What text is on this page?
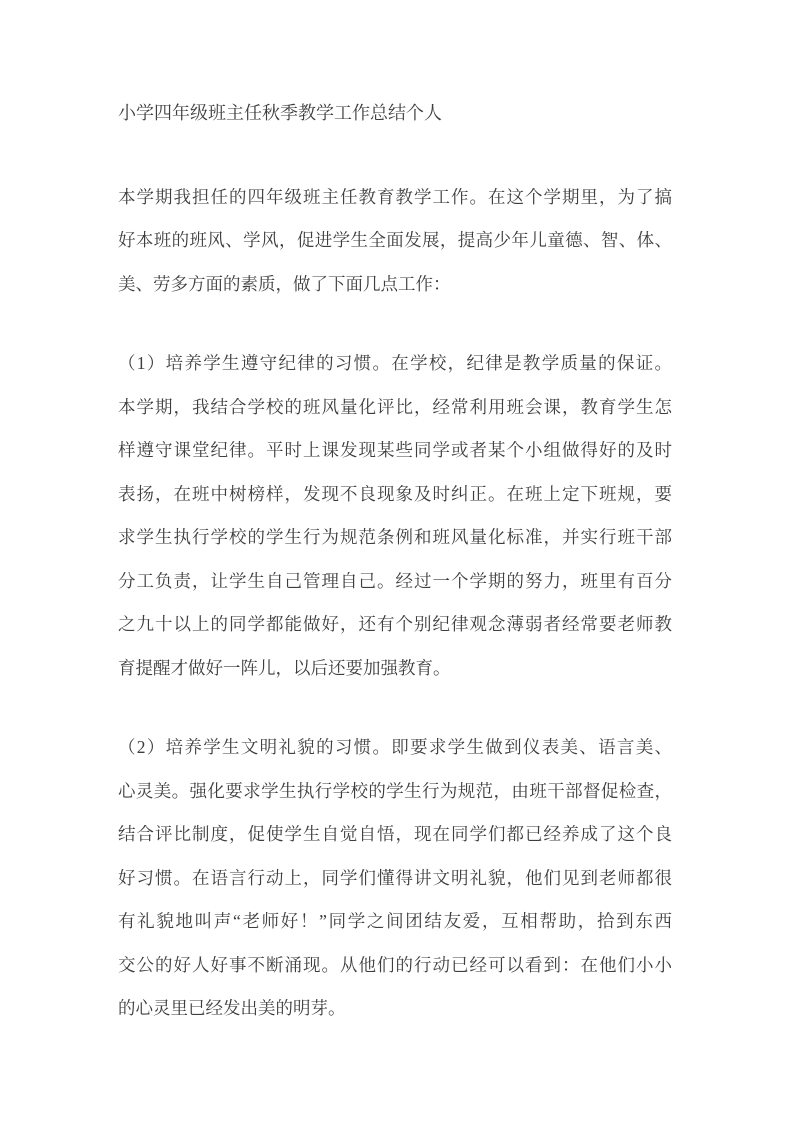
小学四年级班主任秋季教学工作总结个人
本学期我担任的四年级班主任教育教学工作。在这个学期里，为了搞
好本班的班风、学风，促进学生全面发展，提高少年儿童德、智、体、
美、劳多方面的素质，做了下面几点工作：
（1）培养学生遵守纪律的习惯。在学校，纪律是教学质量的保证。
本学期，我结合学校的班风量化评比，经常利用班会课，教育学生怎
样遵守课堂纪律。平时上课发现某些同学或者某个小组做得好的及时
表扬，在班中树榜样，发现不良现象及时纠正。在班上定下班规，要
求学生执行学校的学生行为规范条例和班风量化标准，并实行班干部
分工负责，让学生自己管理自己。经过一个学期的努力，班里有百分
之九十以上的同学都能做好，还有个别纪律观念薄弱者经常要老师教
育提醒才做好一阵儿，以后还要加强教育。
（2）培养学生文明礼貌的习惯。即要求学生做到仪表美、语言美、
心灵美。强化要求学生执行学校的学生行为规范，由班干部督促检查，
结合评比制度，促使学生自觉自悟，现在同学们都已经养成了这个良
好习惯。在语言行动上，同学们懂得讲文明礼貌，他们见到老师都很
有礼貌地叫声“老师好！”同学之间团结友爱，互相帮助，拾到东西
交公的好人好事不断涌现。从他们的行动已经可以看到：在他们小小
的心灵里已经发出美的明芽。
